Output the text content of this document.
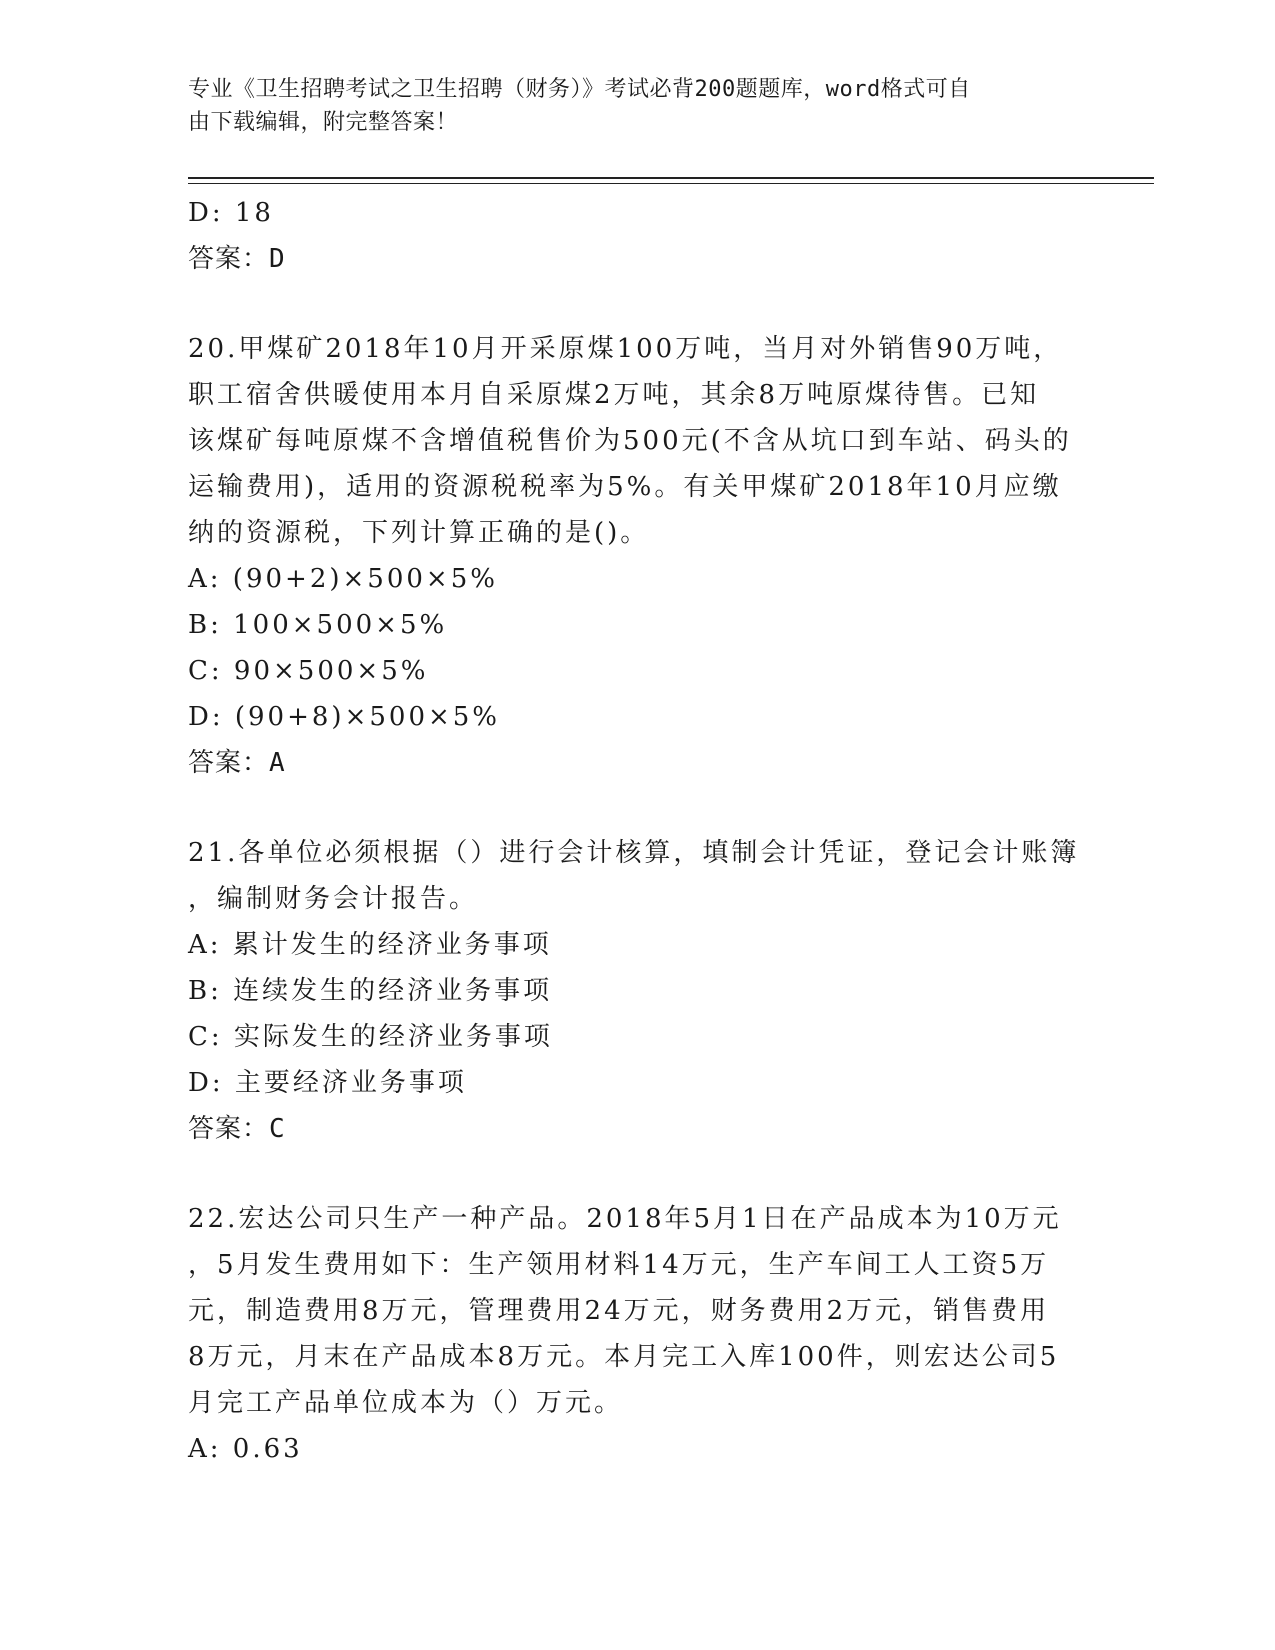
专业《卫生招聘考试之卫生招聘（财务）》考试必背200题题库，word格式可自
由下载编辑，附完整答案！
D: 18
答案：D
20.甲煤矿2018年10月开采原煤100万吨，当月对外销售90万吨，
职工宿舍供暖使用本月自采原煤2万吨，其余8万吨原煤待售。已知
该煤矿每吨原煤不含增值税售价为500元(不含从坑口到车站、码头的
运输费用)，适用的资源税税率为5%。有关甲煤矿2018年10月应缴
纳的资源税，下列计算正确的是()。
A: (90+2)×500×5%
B: 100×500×5%
C: 90×500×5%
D: (90+8)×500×5%
答案：A
21.各单位必须根据（）进行会计核算，填制会计凭证，登记会计账簿
，编制财务会计报告。
A: 累计发生的经济业务事项
B: 连续发生的经济业务事项
C: 实际发生的经济业务事项
D: 主要经济业务事项
答案：C
22.宏达公司只生产一种产品。2018年5月1日在产品成本为10万元
，5月发生费用如下：生产领用材料14万元，生产车间工人工资5万
元，制造费用8万元，管理费用24万元，财务费用2万元，销售费用
8万元，月末在产品成本8万元。本月完工入库100件，则宏达公司5
月完工产品单位成本为（）万元。
A: 0.63
